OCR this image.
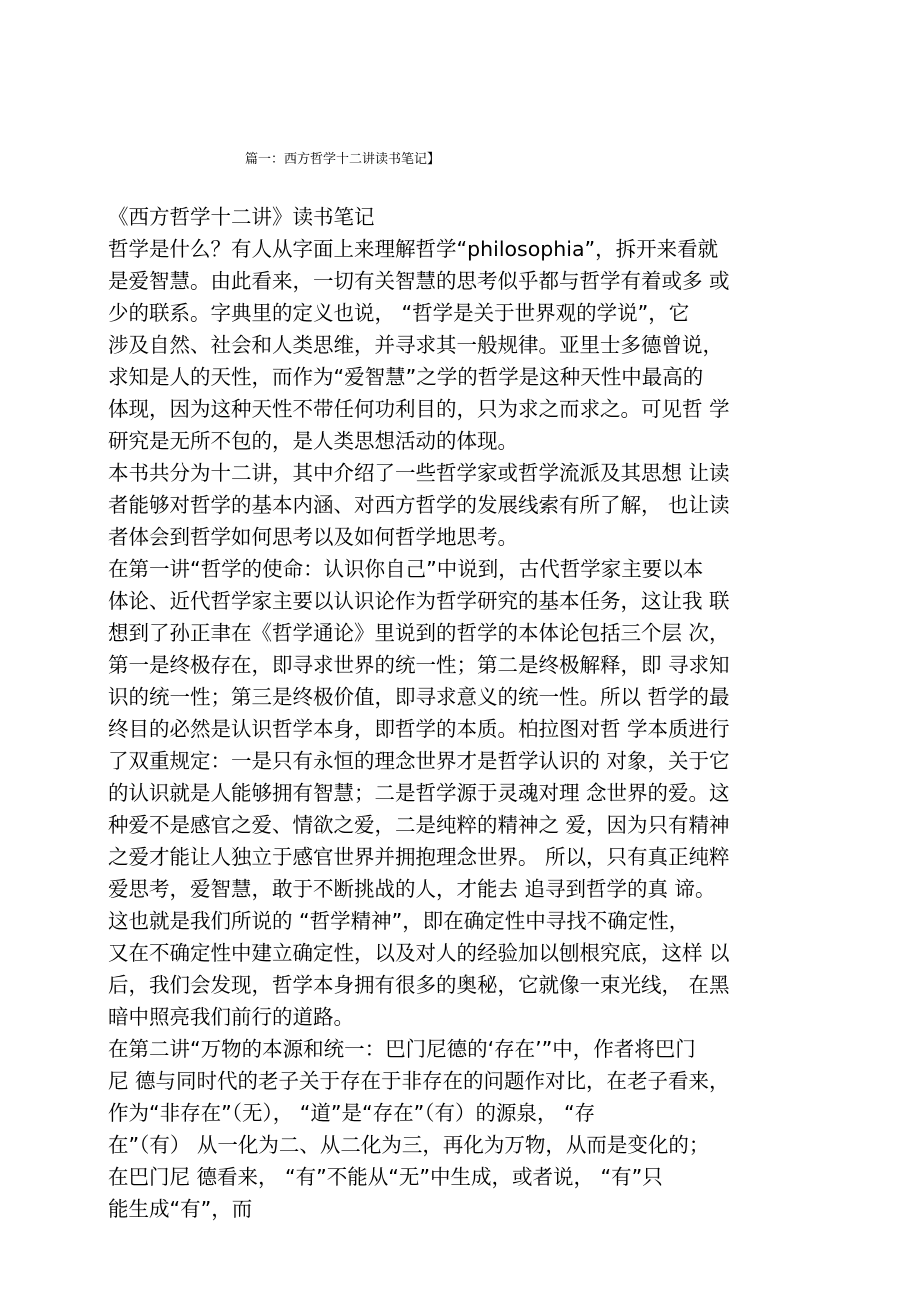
篇一：西方哲学十二讲读书笔记】
《西方哲学十二讲》读书笔记
哲学是什么？有人从字面上来理解哲学“philosophia”，拆开来看就
是爱智慧。由此看来，一切有关智慧的思考似乎都与哲学有着或多 或
少的联系。字典里的定义也说， “哲学是关于世界观的学说”，它
涉及自然、社会和人类思维，并寻求其一般规律。亚里士多德曾说，
求知是人的天性，而作为“爱智慧”之学的哲学是这种天性中最高的
体现，因为这种天性不带任何功利目的，只为求之而求之。可见哲 学
研究是无所不包的，是人类思想活动的体现。
本书共分为十二讲，其中介绍了一些哲学家或哲学流派及其思想 让读
者能够对哲学的基本内涵、对西方哲学的发展线索有所了解， 也让读
者体会到哲学如何思考以及如何哲学地思考。
在第一讲“哲学的使命：认识你自己”中说到，古代哲学家主要以本
体论、近代哲学家主要以认识论作为哲学研究的基本任务，这让我 联
想到了孙正聿在《哲学通论》里说到的哲学的本体论包括三个层 次，
第一是终极存在，即寻求世界的统一性；第二是终极解释，即 寻求知
识的统一性；第三是终极价值，即寻求意义的统一性。所以 哲学的最
终目的必然是认识哲学本身，即哲学的本质。柏拉图对哲 学本质进行
了双重规定：一是只有永恒的理念世界才是哲学认识的 对象，关于它
的认识就是人能够拥有智慧；二是哲学源于灵魂对理 念世界的爱。这
种爱不是感官之爱、情欲之爱，二是纯粹的精神之 爱，因为只有精神
之爱才能让人独立于感官世界并拥抱理念世界。 所以，只有真正纯粹
爱思考，爱智慧，敢于不断挑战的人，才能去 追寻到哲学的真 谛。
这也就是我们所说的 “哲学精神”，即在确定性中寻找不确定性，
又在不确定性中建立确定性，以及对人的经验加以刨根究底，这样 以
后，我们会发现，哲学本身拥有很多的奥秘，它就像一束光线， 在黑
暗中照亮我们前行的道路。
在第二讲“万物的本源和统一：巴门尼德的‘存在’”中，作者将巴门
尼 德与同时代的老子关于存在于非存在的问题作对比，在老子看来，
作为“非存在”（无）， “道”是“存在”（有）的源泉， “存
在”（有） 从一化为二、从二化为三，再化为万物，从而是变化的；
在巴门尼 德看来， “有”不能从“无”中生成，或者说， “有”只
能生成“有”，而
